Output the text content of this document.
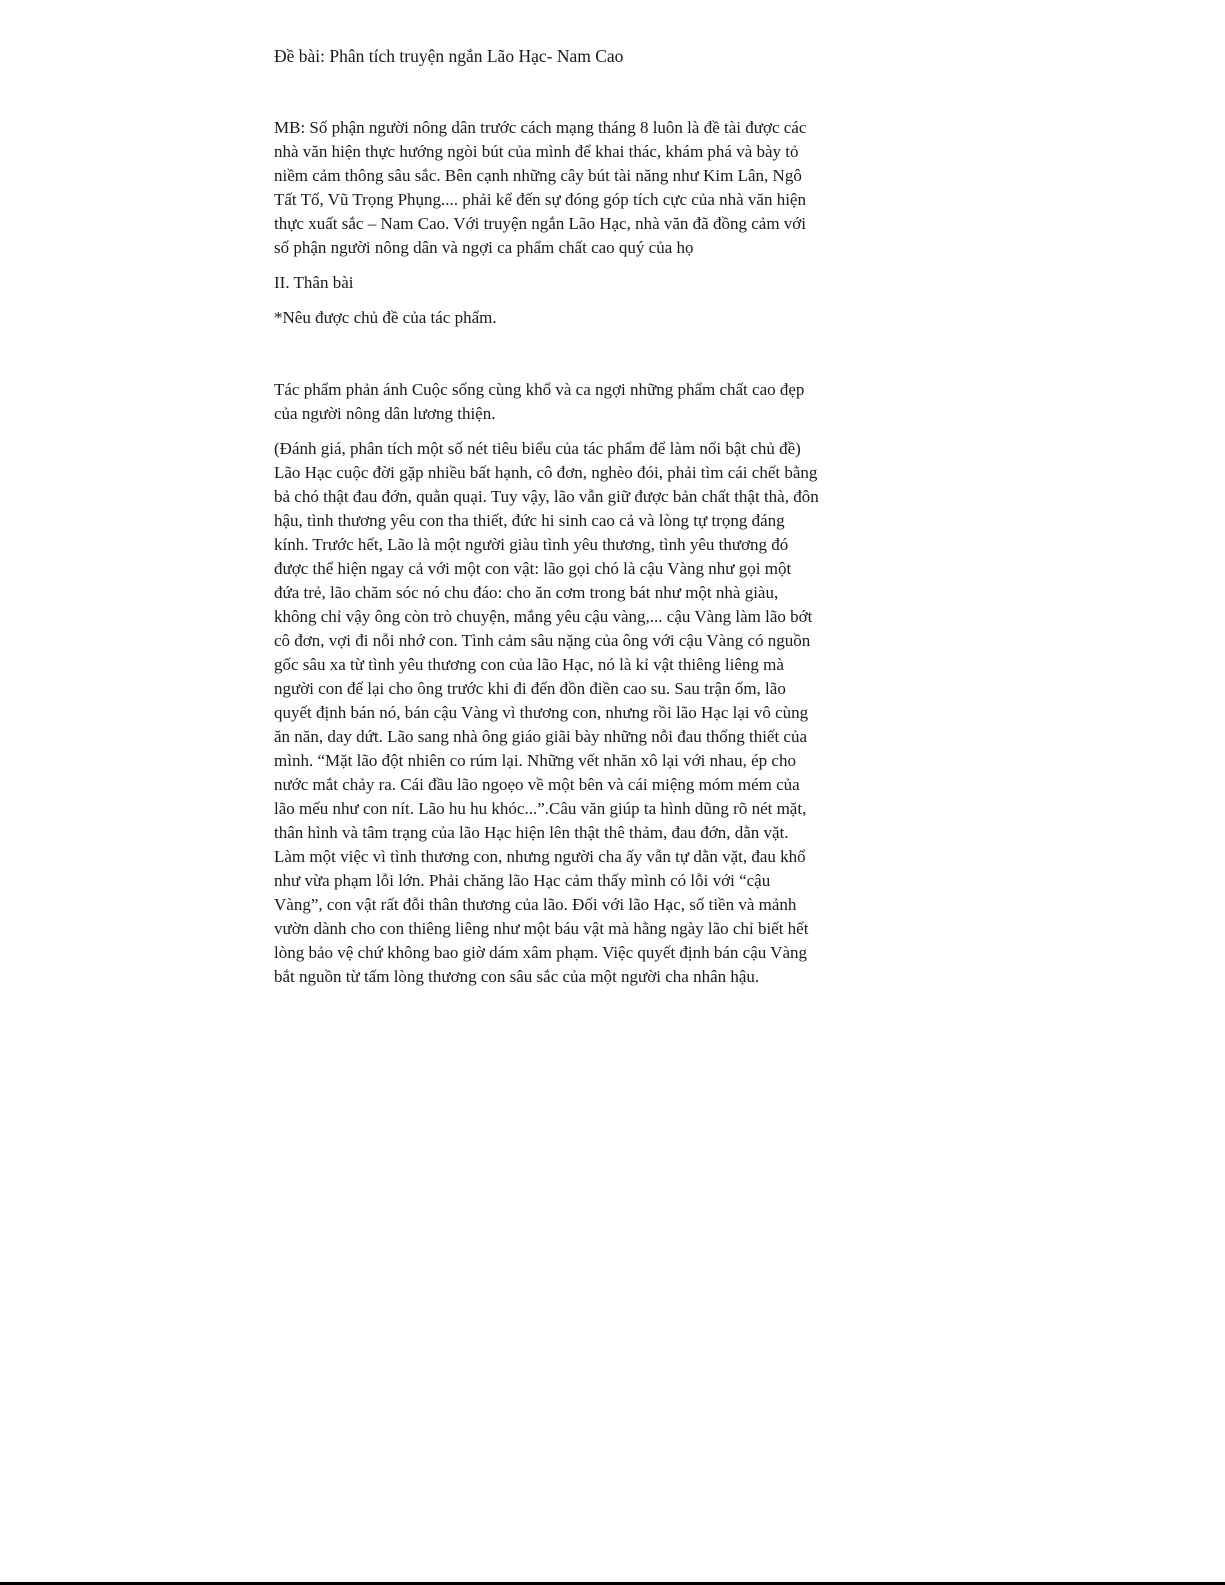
Đề bài: Phân tích truyện ngắn Lão Hạc- Nam Cao

MB: Số phận người nông dân trước cách mạng tháng 8 luôn là đề tài được các nhà văn hiện thực hướng ngòi bút của mình để khai thác, khám phá và bày tỏ niềm cảm thông sâu sắc. Bên cạnh những cây bút tài năng như Kim Lân, Ngô Tất Tố, Vũ Trọng Phụng.... phải kể đến sự đóng góp tích cực của nhà văn hiện thực xuất sắc – Nam Cao. Với truyện ngắn Lão Hạc, nhà văn đã đồng cảm với số phận người nông dân và ngợi ca phẩm chất cao quý của họ

II. Thân bài

*Nêu được chủ đề của tác phẩm.

Tác phẩm phản ánh Cuộc sống cùng khổ và ca ngợi những phẩm chất cao đẹp của người nông dân lương thiện.

(Đánh giá, phân tích một số nét tiêu biểu của tác phẩm để làm nổi bật chủ đề) Lão Hạc cuộc đời gặp nhiều bất hạnh, cô đơn, nghèo đói, phải tìm cái chết bằng bả chó thật đau đớn, quằn quại. Tuy vậy, lão vẫn giữ được bản chất thật thà, đôn hậu, tình thương yêu con tha thiết, đức hi sinh cao cả và lòng tự trọng đáng kính. Trước hết, Lão là một người giàu tình yêu thương, tình yêu thương đó được thể hiện ngay cả với một con vật: lão gọi chó là cậu Vàng như gọi một đứa trẻ, lão chăm sóc nó chu đáo: cho ăn cơm trong bát như một nhà giàu, không chỉ vậy ông còn trò chuyện, mắng yêu cậu vàng,... cậu Vàng làm lão bớt cô đơn, vợi đi nỗi nhớ con. Tình cảm sâu nặng của ông với cậu Vàng có nguồn gốc sâu xa từ tình yêu thương con của lão Hạc, nó là kỉ vật thiêng liêng mà người con để lại cho ông trước khi đi đến đồn điền cao su. Sau trận ốm, lão quyết định bán nó, bán cậu Vàng vì thương con, nhưng rồi lão Hạc lại vô cùng ăn năn, day dứt. Lão sang nhà ông giáo giãi bày những nỗi đau thống thiết của mình. “Mặt lão đột nhiên co rúm lại. Những vết nhăn xô lại với nhau, ép cho nước mắt chảy ra. Cái đầu lão ngoẹo về một bên và cái miệng móm mém của lão mếu như con nít. Lão hu hu khóc...”.Câu văn giúp ta hình dũng rõ nét mặt, thân hình và tâm trạng của lão Hạc hiện lên thật thê thảm, đau đớn, dằn vặt. Làm một việc vì tình thương con, nhưng người cha ấy vẫn tự dằn vặt, đau khổ như vừa phạm lỗi lớn. Phải chăng lão Hạc cảm thấy mình có lỗi với “cậu Vàng”, con vật rất đỗi thân thương của lão. Đối với lão Hạc, số tiền và mảnh vườn dành cho con thiêng liêng như một báu vật mà hằng ngày lão chỉ biết hết lòng bảo vệ chứ không bao giờ dám xâm phạm. Việc quyết định bán cậu Vàng bắt nguồn từ tấm lòng thương con sâu sắc của một người cha nhân hậu.
